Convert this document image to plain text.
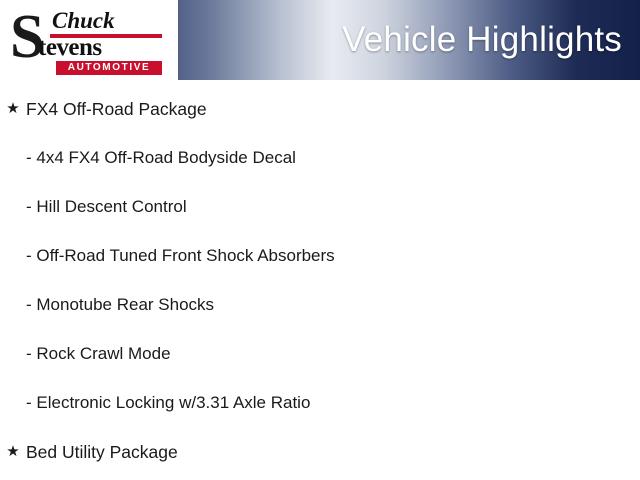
Vehicle Highlights
S Chuck
tevens
AUTOMOTIVE
★ FX4 Off-Road Package
- 4x4 FX4 Off-Road Bodyside Decal
- Hill Descent Control
- Off-Road Tuned Front Shock Absorbers
- Monotube Rear Shocks
- Rock Crawl Mode
- Electronic Locking w/3.31 Axle Ratio
★ Bed Utility Package
